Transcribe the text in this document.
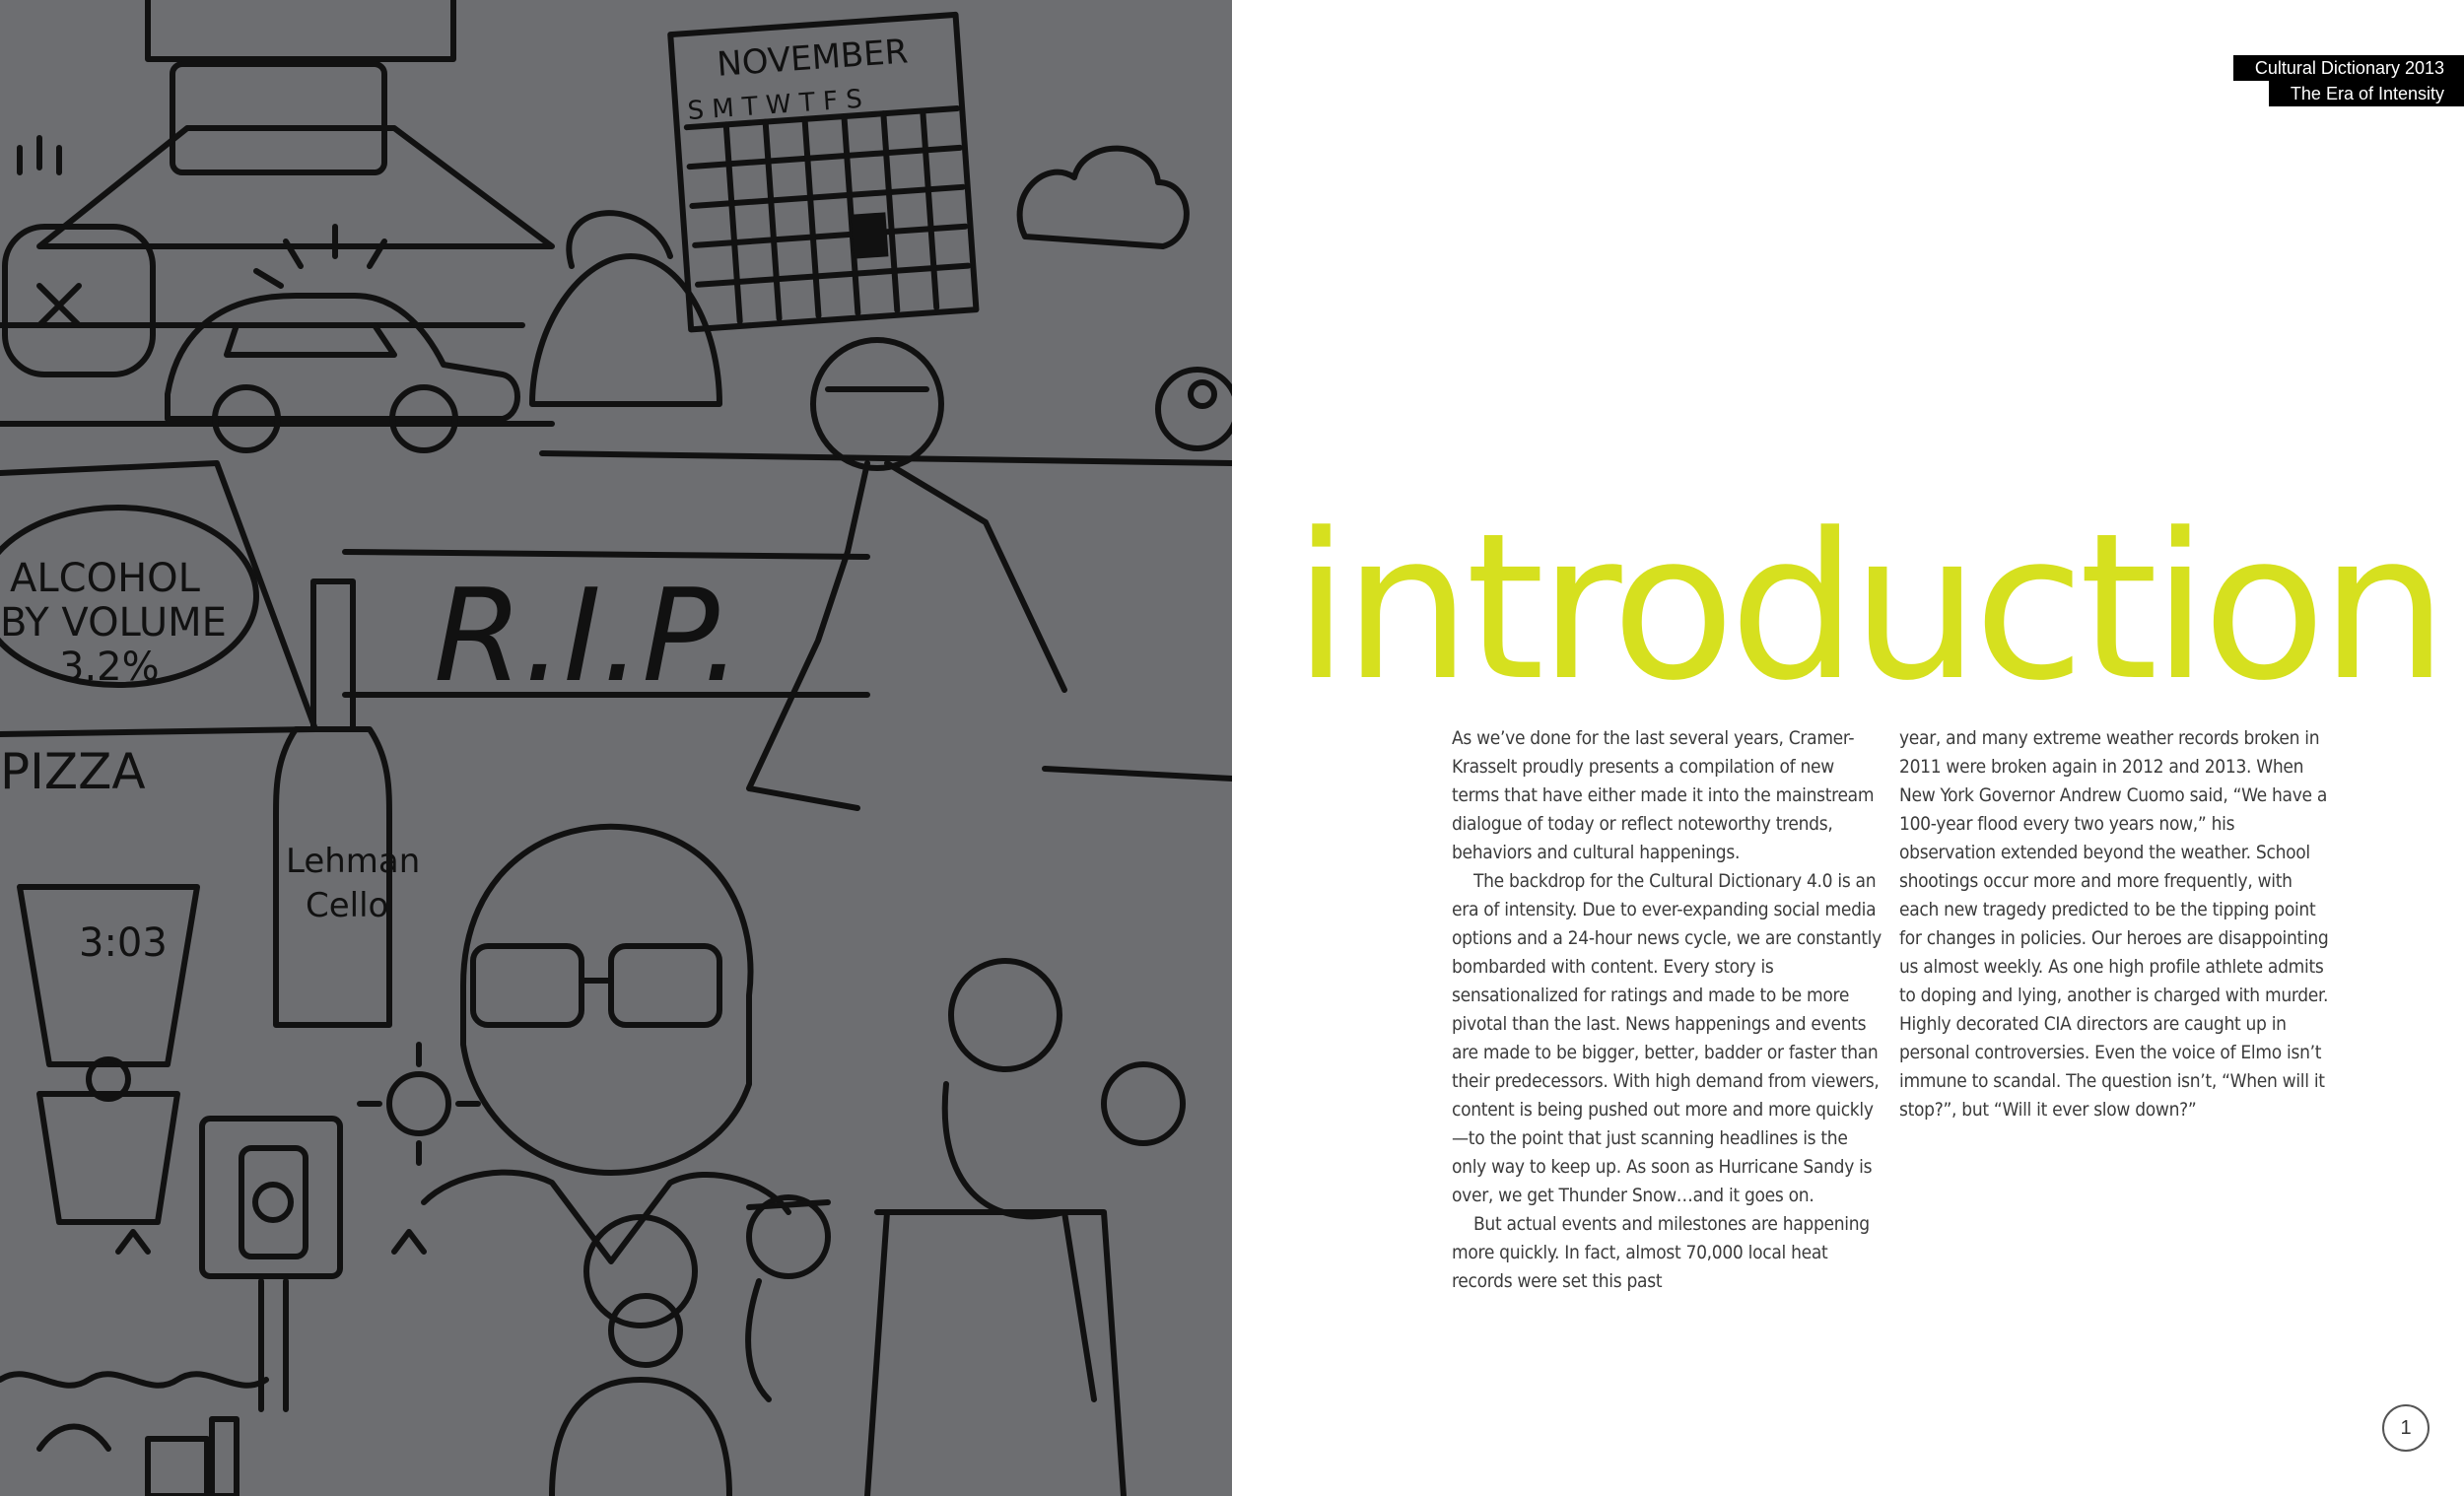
NOVEMBER
S M T W T F S
ALCOHOL
BY VOLUME
3.2%
PIZZA
R.I.P.
Lehman
Cello
3:03
Cultural Dictionary 2013
The Era of Intensity
introduction

As we’ve done for the last several years, Cramer-Krasselt proudly presents a compilation of new terms that have either made it into the mainstream dialogue of today or reflect noteworthy trends, behaviors and cultural happenings.

The backdrop for the Cultural Dictionary 4.0 is an era of intensity. Due to ever-expanding social media options and a 24-hour news cycle, we are constantly bombarded with content. Every story is sensationalized for ratings and made to be more pivotal than the last. News happenings and events are made to be bigger, better, badder or faster than their predecessors. With high demand from viewers, content is being pushed out more and more quickly—to the point that just scanning headlines is the only way to keep up. As soon as Hurricane Sandy is over, we get Thunder Snow…and it goes on.

But actual events and milestones are happening more quickly. In fact, almost 70,000 local heat records were set this past

year, and many extreme weather records broken in 2011 were broken again in 2012 and 2013. When New York Governor Andrew Cuomo said, “We have a 100-year flood every two years now,” his observation extended beyond the weather. School shootings occur more and more frequently, with each new tragedy predicted to be the tipping point for changes in policies. Our heroes are disappointing us almost weekly. As one high profile athlete admits to doping and lying, another is charged with murder. Highly decorated CIA directors are caught up in personal controversies. Even the voice of Elmo isn’t immune to scandal. The question isn’t, “When will it stop?”, but “Will it ever slow down?”

1
